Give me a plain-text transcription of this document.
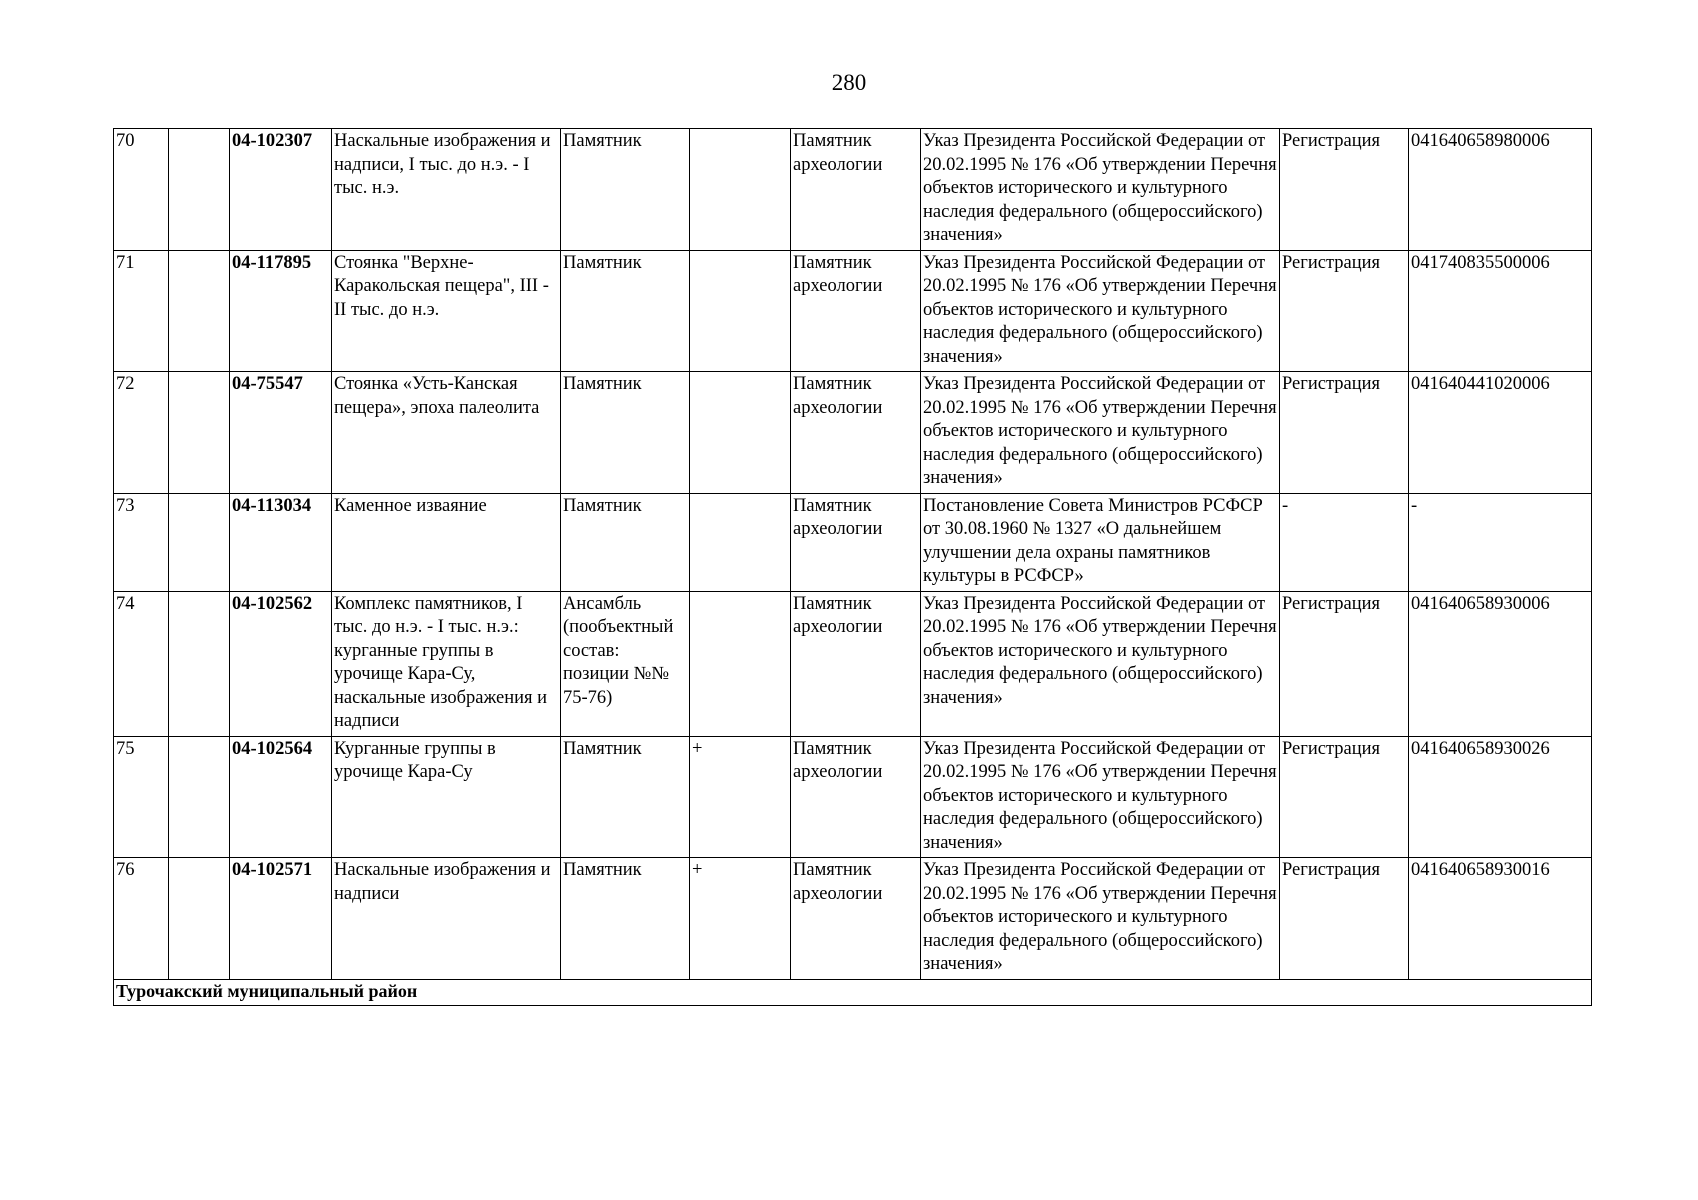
280
70		04-102307	Наскальные изображения и надписи, I тыс. до н.э. - I тыс. н.э.	Памятник		Памятник археологии	Указ Президента Российской Федерации от 20.02.1995 № 176 «Об утверждении Перечня объектов исторического и культурного наследия федерального (общероссийского) значения»	Регистрация	041640658980006
71		04-117895	Стоянка "Верхне-Каракольская пещера", III - II тыс. до н.э.	Памятник		Памятник археологии	Указ Президента Российской Федерации от 20.02.1995 № 176 «Об утверждении Перечня объектов исторического и культурного наследия федерального (общероссийского) значения»	Регистрация	041740835500006
72		04-75547	Стоянка «Усть-Канская пещера», эпоха палеолита	Памятник		Памятник археологии	Указ Президента Российской Федерации от 20.02.1995 № 176 «Об утверждении Перечня объектов исторического и культурного наследия федерального (общероссийского) значения»	Регистрация	041640441020006
73		04-113034	Каменное изваяние	Памятник		Памятник археологии	Постановление Совета Министров РСФСР от 30.08.1960 № 1327 «О дальнейшем улучшении дела охраны памятников культуры в РСФСР»	-	-
74		04-102562	Комплекс памятников, I тыс. до н.э. - I тыс. н.э.: курганные группы в урочище Кара-Су, наскальные изображения и надписи	Ансамбль (пообъектный состав: позиции №№ 75-76)		Памятник археологии	Указ Президента Российской Федерации от 20.02.1995 № 176 «Об утверждении Перечня объектов исторического и культурного наследия федерального (общероссийского) значения»	Регистрация	041640658930006
75		04-102564	Курганные группы в урочище Кара-Су	Памятник	+	Памятник археологии	Указ Президента Российской Федерации от 20.02.1995 № 176 «Об утверждении Перечня объектов исторического и культурного наследия федерального (общероссийского) значения»	Регистрация	041640658930026
76		04-102571	Наскальные изображения и надписи	Памятник	+	Памятник археологии	Указ Президента Российской Федерации от 20.02.1995 № 176 «Об утверждении Перечня объектов исторического и культурного наследия федерального (общероссийского) значения»	Регистрация	041640658930016
Турочакский муниципальный район									
